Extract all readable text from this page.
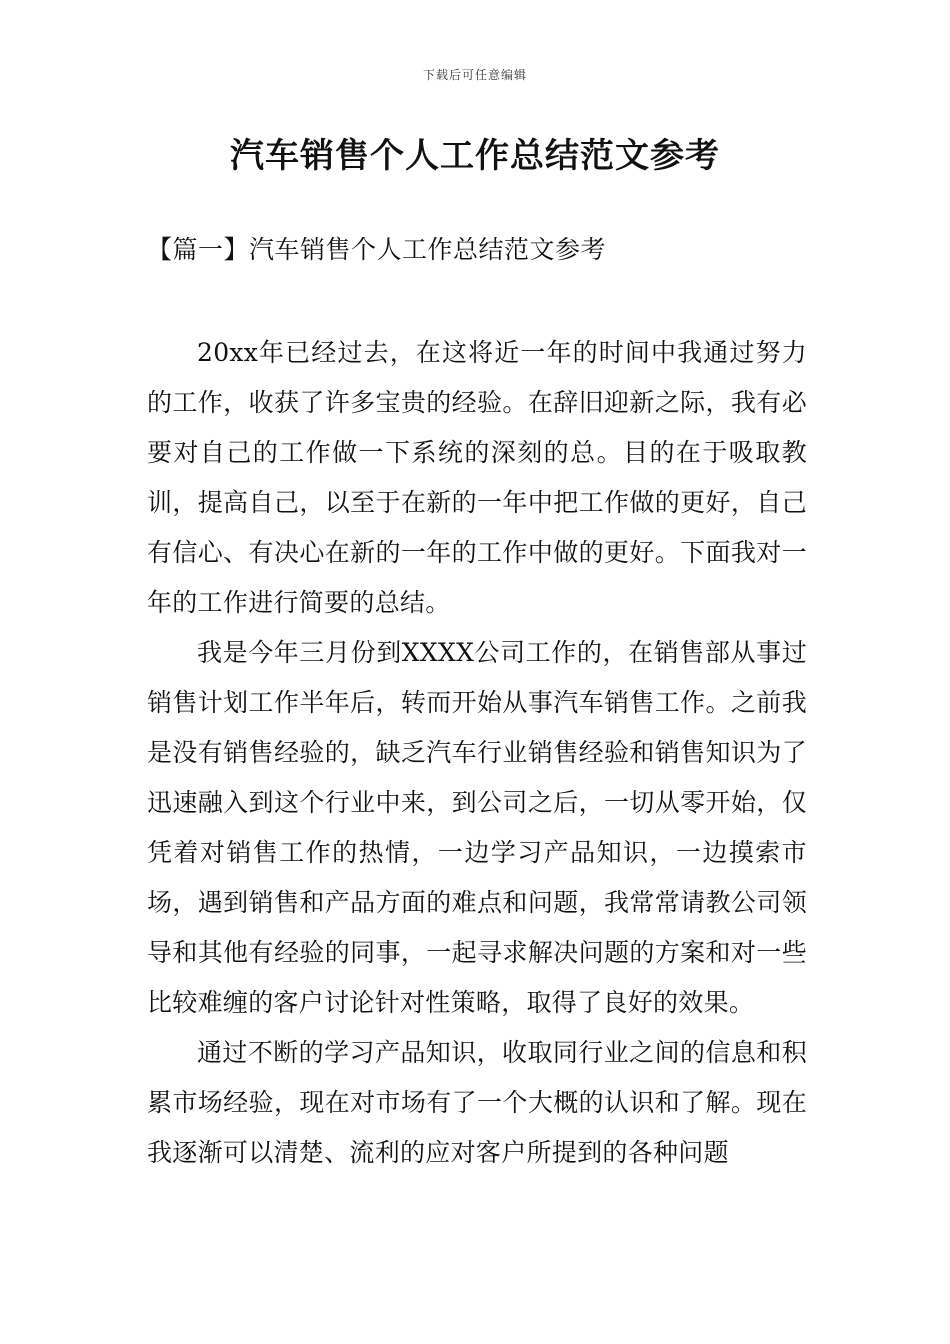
下载后可任意编辑
汽车销售个人工作总结范文参考
【篇一】汽车销售个人工作总结范文参考

20xx年已经过去，在这将近一年的时间中我通过努力的工作，收获了许多宝贵的经验。在辞旧迎新之际，我有必要对自己的工作做一下系统的深刻的总。目的在于吸取教训，提高自己，以至于在新的一年中把工作做的更好，自己有信心、有决心在新的一年的工作中做的更好。下面我对一年的工作进行简要的总结。

我是今年三月份到XXXX公司工作的，在销售部从事过销售计划工作半年后，转而开始从事汽车销售工作。之前我是没有销售经验的，缺乏汽车行业销售经验和销售知识为了迅速融入到这个行业中来，到公司之后，一切从零开始，仅凭着对销售工作的热情，一边学习产品知识，一边摸索市场，遇到销售和产品方面的难点和问题，我常常请教公司领导和其他有经验的同事，一起寻求解决问题的方案和对一些比较难缠的客户讨论针对性策略，取得了良好的效果。

通过不断的学习产品知识，收取同行业之间的信息和积累市场经验，现在对市场有了一个大概的认识和了解。现在我逐渐可以清楚、流利的应对客户所提到的各种问题
